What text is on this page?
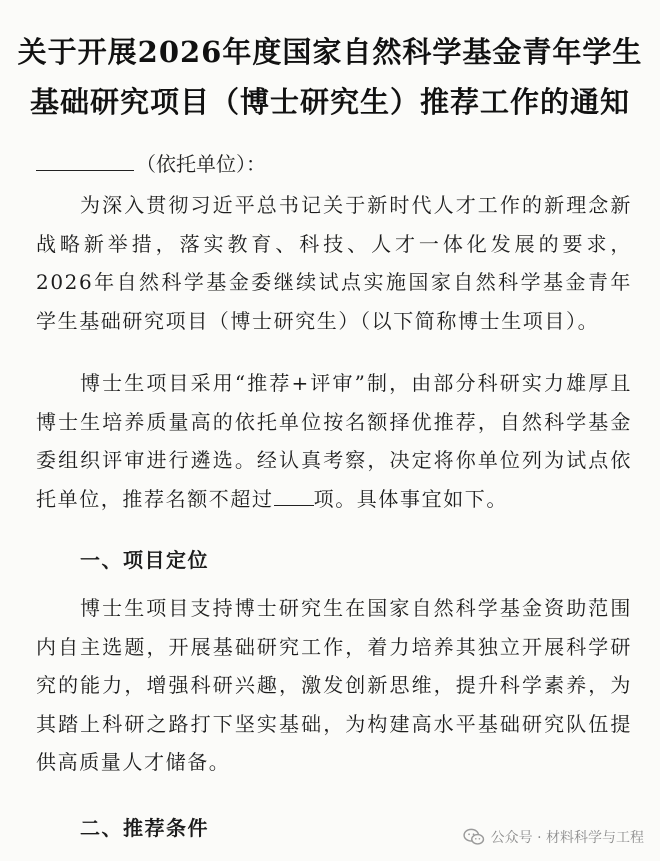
关于开展2026年度国家自然科学基金青年学生
基础研究项目（博士研究生）推荐工作的通知
（依托单位）：
为深入贯彻习近平总书记关于新时代人才工作的新理念新战略新举措，落实教育、科技、人才一体化发展的要求，2026年自然科学基金委继续试点实施国家自然科学基金青年学生基础研究项目（博士研究生）（以下简称博士生项目）。
博士生项目采用“推荐+评审”制，由部分科研实力雄厚且博士生培养质量高的依托单位按名额择优推荐，自然科学基金委组织评审进行遴选。经认真考察，决定将你单位列为试点依托单位，推荐名额不超过 项。具体事宜如下。
一、项目定位
博士生项目支持博士研究生在国家自然科学基金资助范围内自主选题，开展基础研究工作，着力培养其独立开展科学研究的能力，增强科研兴趣，激发创新思维，提升科学素养，为其踏上科研之路打下坚实基础，为构建高水平基础研究队伍提供高质量人才储备。
二、推荐条件	公众号 · 材料科学与工程
